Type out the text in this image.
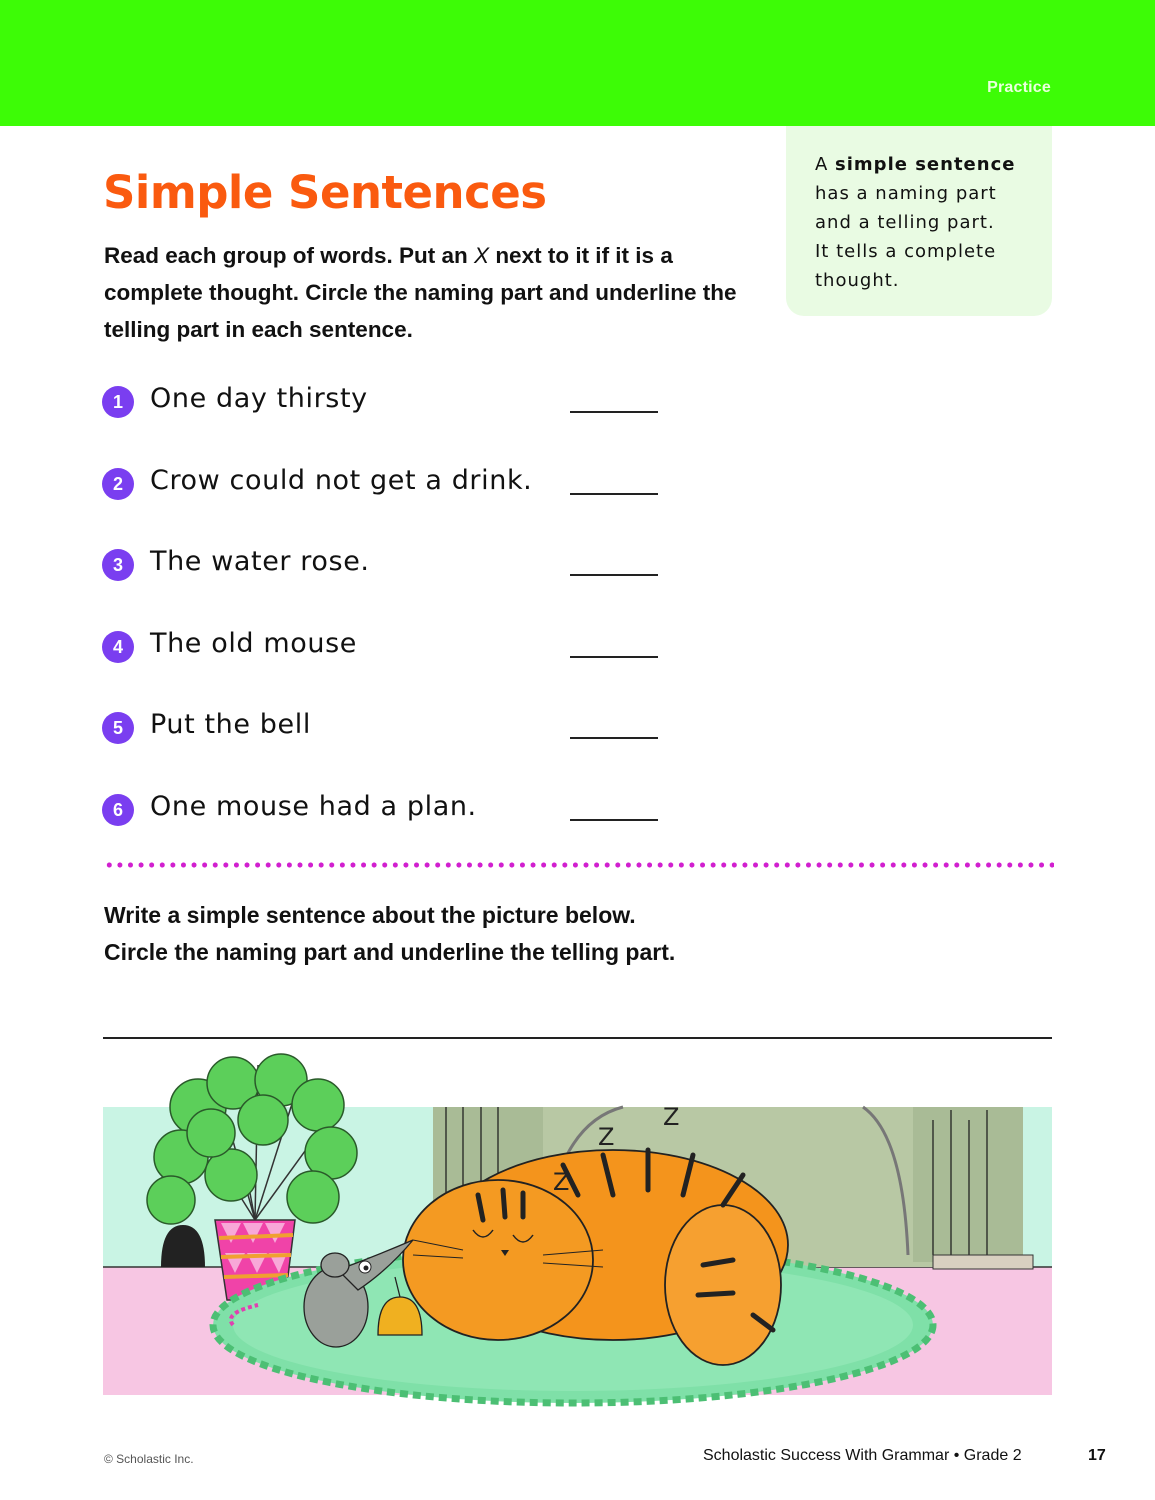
Practice
A simple sentence
has a naming part
and a telling part.
It tells a complete
thought.
Simple Sentences

Read each group of words. Put an X next to it if it is a complete thought. Circle the naming part and underline the telling part in each sentence.

1	One day thirsty
2	Crow could not get a drink.
3	The water rose.
4	The old mouse
5	Put the bell
6	One mouse had a plan.

Write a simple sentence about the picture below.
Circle the naming part and underline the telling part.

Z
Z
Z
© Scholastic Inc.	Scholastic Success With Grammar • Grade 2	17
